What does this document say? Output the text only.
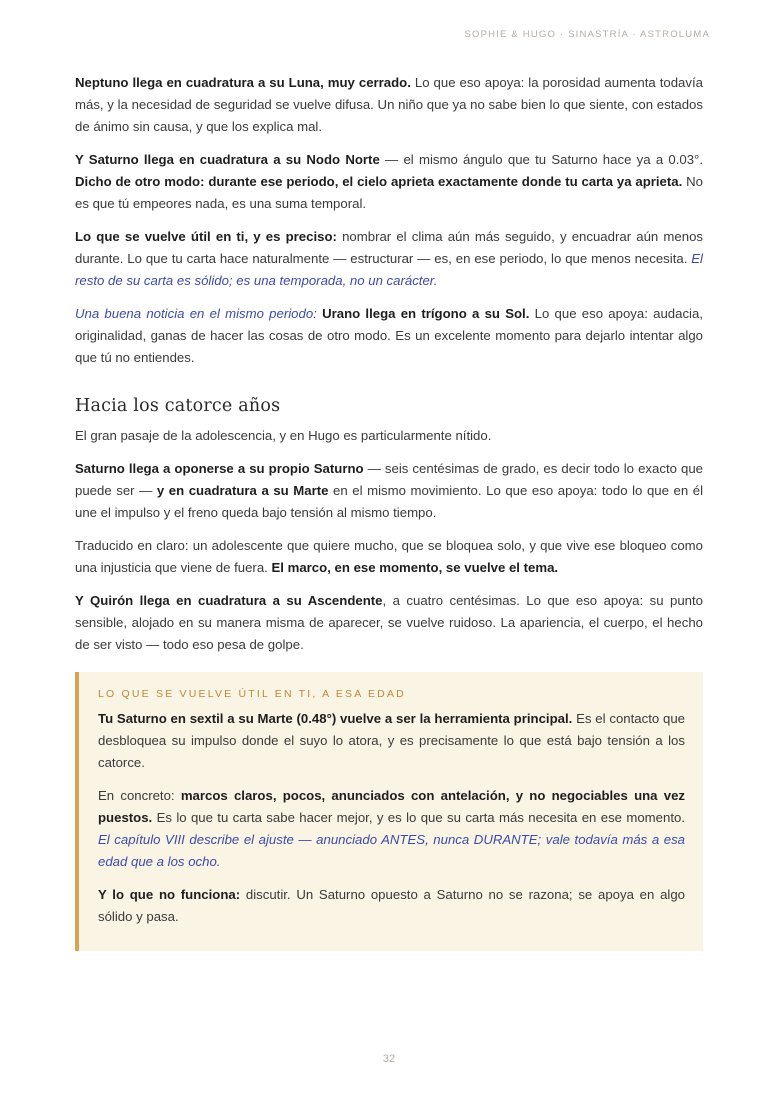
SOPHIE & HUGO · SINASTRÍA · ASTROLUMA

Neptuno llega en cuadratura a su Luna, muy cerrado. Lo que eso apoya: la porosidad aumenta todavía más, y la necesidad de seguridad se vuelve difusa. Un niño que ya no sabe bien lo que siente, con estados de ánimo sin causa, y que los explica mal.

Y Saturno llega en cuadratura a su Nodo Norte — el mismo ángulo que tu Saturno hace ya a 0.03°. Dicho de otro modo: durante ese periodo, el cielo aprieta exactamente donde tu carta ya aprieta. No es que tú empeores nada, es una suma temporal.

Lo que se vuelve útil en ti, y es preciso: nombrar el clima aún más seguido, y encuadrar aún menos durante. Lo que tu carta hace naturalmente — estructurar — es, en ese periodo, lo que menos necesita. El resto de su carta es sólido; es una temporada, no un carácter.

Una buena noticia en el mismo periodo: Urano llega en trígono a su Sol. Lo que eso apoya: audacia, originalidad, ganas de hacer las cosas de otro modo. Es un excelente momento para dejarlo intentar algo que tú no entiendes.

Hacia los catorce años

El gran pasaje de la adolescencia, y en Hugo es particularmente nítido.

Saturno llega a oponerse a su propio Saturno — seis centésimas de grado, es decir todo lo exacto que puede ser — y en cuadratura a su Marte en el mismo movimiento. Lo que eso apoya: todo lo que en él une el impulso y el freno queda bajo tensión al mismo tiempo.

Traducido en claro: un adolescente que quiere mucho, que se bloquea solo, y que vive ese bloqueo como una injusticia que viene de fuera. El marco, en ese momento, se vuelve el tema.

Y Quirón llega en cuadratura a su Ascendente, a cuatro centésimas. Lo que eso apoya: su punto sensible, alojado en su manera misma de aparecer, se vuelve ruidoso. La apariencia, el cuerpo, el hecho de ser visto — todo eso pesa de golpe.

LO QUE SE VUELVE ÚTIL EN TI, A ESA EDAD

Tu Saturno en sextil a su Marte (0.48°) vuelve a ser la herramienta principal. Es el contacto que desbloquea su impulso donde el suyo lo atora, y es precisamente lo que está bajo tensión a los catorce.

En concreto: marcos claros, pocos, anunciados con antelación, y no negociables una vez puestos. Es lo que tu carta sabe hacer mejor, y es lo que su carta más necesita en ese momento. El capítulo VIII describe el ajuste — anunciado ANTES, nunca DURANTE; vale todavía más a esa edad que a los ocho.

Y lo que no funciona: discutir. Un Saturno opuesto a Saturno no se razona; se apoya en algo sólido y pasa.

32
